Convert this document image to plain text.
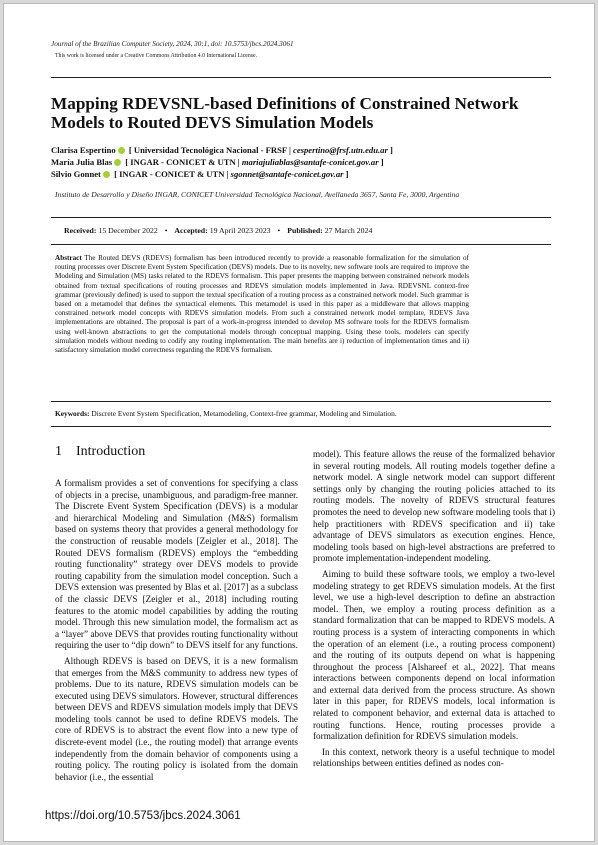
Journal of the Brazilian Computer Society, 2024, 30:1, doi: 10.5753/jbcs.2024.3061
This work is licensed under a Creative Commons Attribution 4.0 International License.
Mapping RDEVSNL-based Definitions of Constrained Network
Models to Routed DEVS Simulation Models
Clarisa Espertino [ Universidad Tecnológica Nacional - FRSF | cespertino@frsf.utn.edu.ar ]
María Julia Blas [ INGAR - CONICET & UTN | mariajuliablas@santafe-conicet.gov.ar ]
Silvio Gonnet [ INGAR - CONICET & UTN | sgonnet@santafe-conicet.gov.ar ]
Instituto de Desarrollo y Diseño INGAR, CONICET Universidad Tecnológica Nacional, Avellaneda 3657, Santa Fe, 3000, Argentina
Received: 15 December 2022 • Accepted: 19 April 2023 2023 • Published: 27 March 2024
Abstract The Routed DEVS (RDEVS) formalism has been introduced recently to provide a reasonable formalization for the simulation of routing processes over Discrete Event System Specification (DEVS) models. Due to its novelty, new software tools are required to improve the Modeling and Simulation (MS) tasks related to the RDEVS formalism. This paper presents the mapping between constrained network models obtained from textual specifications of routing processes and RDEVS simulation models implemented in Java. RDEVSNL context-free grammar (previously defined) is used to support the textual specification of a routing process as a constrained network model. Such grammar is based on a metamodel that defines the syntactical elements. This metamodel is used in this paper as a middleware that allows mapping constrained network model concepts with RDEVS simulation models. From such a constrained network model template, RDEVS Java implementations are obtained. The proposal is part of a work-in-progress intended to develop MS software tools for the RDEVS formalism using well-known abstractions to get the computational models through conceptual mapping. Using these tools, modelers can specify simulation models without needing to codify any routing implementation. The main benefits are i) reduction of implementation times and ii) satisfactory simulation model correctness regarding the RDEVS formalism.
Keywords: Discrete Event System Specification, Metamodeling, Context-free grammar, Modeling and Simulation.
1 Introduction

A formalism provides a set of conventions for specifying a class of objects in a precise, unambiguous, and paradigm-free manner. The Discrete Event System Specification (DEVS) is a modular and hierarchical Modeling and Simulation (M&S) formalism based on systems theory that provides a general methodology for the construction of reusable models [Zeigler et al., 2018]. The Routed DEVS formalism (RDEVS) employs the “embedding routing functionality” strategy over DEVS models to provide routing capability from the simulation model conception. Such a DEVS extension was presented by Blas et al. [2017] as a subclass of the classic DEVS [Zeigler et al., 2018] including routing features to the atomic model capabilities by adding the routing model. Through this new simulation model, the formalism act as a “layer” above DEVS that provides routing functionality without requiring the user to “dip down” to DEVS itself for any functions.

Although RDEVS is based on DEVS, it is a new formalism that emerges from the M&S community to address new types of problems. Due to its nature, RDEVS simulation models can be executed using DEVS simulators. However, structural differences between DEVS and RDEVS simulation models imply that DEVS modeling tools cannot be used to define RDEVS models. The core of RDEVS is to abstract the event flow into a new type of discrete-event model (i.e., the routing model) that arrange events independently from the domain behavior of components using a routing policy. The routing policy is isolated from the domain behavior (i.e., the essential

model). This feature allows the reuse of the formalized behavior in several routing models. All routing models together define a network model. A single network model can support different settings only by changing the routing policies attached to its routing models. The novelty of RDEVS structural features promotes the need to develop new software modeling tools that i) help practitioners with RDEVS specification and ii) take advantage of DEVS simulators as execution engines. Hence, modeling tools based on high-level abstractions are preferred to promote implementation-independent modeling.

Aiming to build these software tools, we employ a two-level modeling strategy to get RDEVS simulation models. At the first level, we use a high-level description to define an abstraction model. Then, we employ a routing process definition as a standard formalization that can be mapped to RDEVS models. A routing process is a system of interacting components in which the operation of an element (i.e., a routing process component) and the routing of its outputs depend on what is happening throughout the process [Alshareef et al., 2022]. That means interactions between components depend on local information and external data derived from the process structure. As shown later in this paper, for RDEVS models, local information is related to component behavior, and external data is attached to routing functions. Hence, routing processes provide a formalization definition for RDEVS simulation models.

In this context, network theory is a useful technique to model relationships between entities defined as nodes con-

https://doi.org/10.5753/jbcs.2024.3061
